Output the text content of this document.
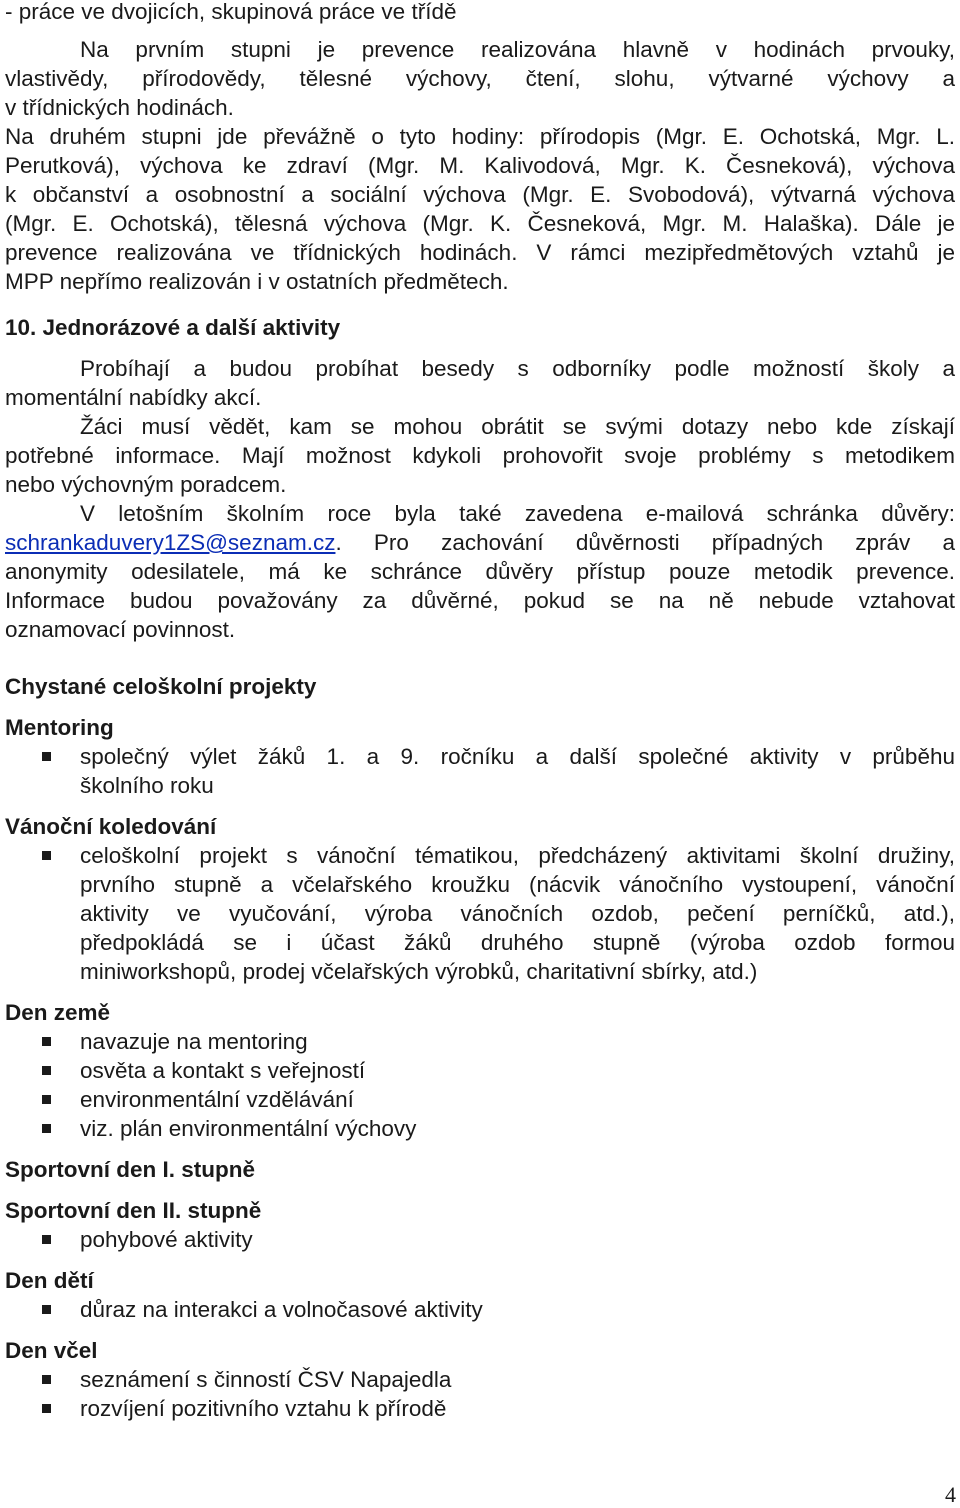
- práce ve dvojicích, skupinová práce ve třídě
Na prvním stupni je prevence realizována hlavně v hodinách prvouky,
vlastivědy, přírodovědy, tělesné výchovy, čtení, slohu, výtvarné výchovy a
v třídnických hodinách.
Na druhém stupni jde převážně o tyto hodiny: přírodopis (Mgr. E. Ochotská, Mgr. L.
Perutková), výchova ke zdraví (Mgr. M. Kalivodová, Mgr. K. Česneková), výchova
k občanství a osobnostní a sociální výchova (Mgr. E. Svobodová), výtvarná výchova
(Mgr. E. Ochotská), tělesná výchova (Mgr. K. Česneková, Mgr. M. Halaška). Dále je
prevence realizována ve třídnických hodinách. V rámci mezipředmětových vztahů je
MPP nepřímo realizován i v ostatních předmětech.
10. Jednorázové a další aktivity
Probíhají a budou probíhat besedy s odborníky podle možností školy a
momentální nabídky akcí.
Žáci musí vědět, kam se mohou obrátit se svými dotazy nebo kde získají
potřebné informace. Mají možnost kdykoli prohovořit svoje problémy s metodikem
nebo výchovným poradcem.
V letošním školním roce byla také zavedena e-mailová schránka důvěry:
schrankaduvery1ZS@seznam.cz. Pro zachování důvěrnosti případných zpráv a
anonymity odesilatele, má ke schránce důvěry přístup pouze metodik prevence.
Informace budou považovány za důvěrné, pokud se na ně nebude vztahovat
oznamovací povinnost.
Chystané celoškolní projekty
Mentoring
společný výlet žáků 1. a 9. ročníku a další společné aktivity v průběhu
školního roku
Vánoční koledování
celoškolní projekt s vánoční tématikou, předcházený aktivitami školní družiny,
prvního stupně a včelařského kroužku (nácvik vánočního vystoupení, vánoční
aktivity ve vyučování, výroba vánočních ozdob, pečení perníčků, atd.),
předpokládá se i účast žáků druhého stupně (výroba ozdob formou
miniworkshopů, prodej včelařských výrobků, charitativní sbírky, atd.)
Den země
navazuje na mentoring
osvěta a kontakt s veřejností
environmentální vzdělávání
viz. plán environmentální výchovy
Sportovní den I. stupně
Sportovní den II. stupně
pohybové aktivity
Den dětí
důraz na interakci a volnočasové aktivity
Den včel
seznámení s činností ČSV Napajedla
rozvíjení pozitivního vztahu k přírodě
4
